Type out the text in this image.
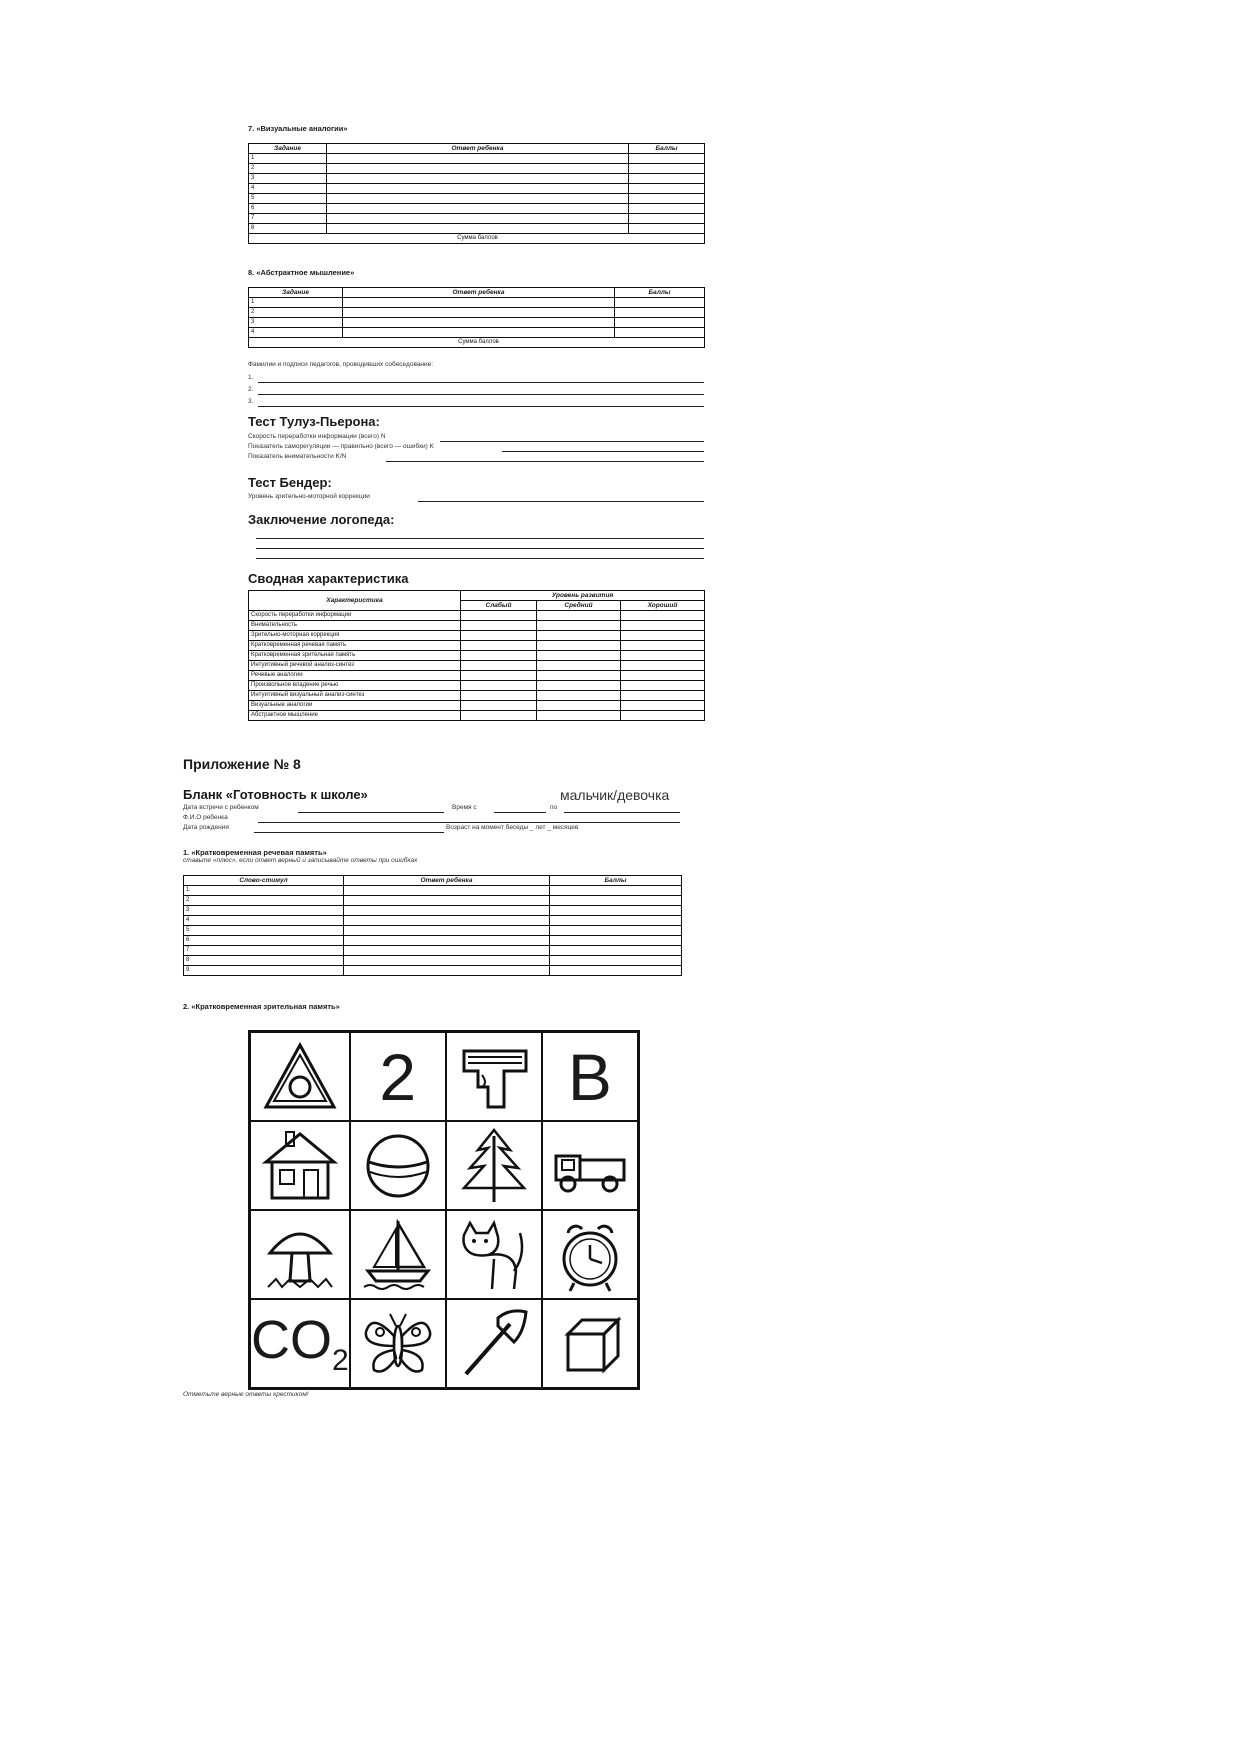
7. «Визуальные аналогии»
Задание	Ответ ребенка	Баллы
1		
2		
3		
4		
5		
6		
7		
8		
	Сумма баллов	
8. «Абстрактное мышление»
Задание	Ответ ребенка	Баллы
1		
2		
3		
4		
	Сумма баллов	
Фамилии и подписи педагогов, проводивших собеседование:
1.
2.
3.
Тест Тулуз-Пьерона:
Скорость переработки информации (всего) N
Показатель саморегуляции — правильно (всего — ошибки) K
Показатель внимательности K/N
Тест Бендер:
Уровень зрительно-моторной коррекции
Заключение логопеда:
Сводная характеристика
Характеристика	Уровень развития		
	Слабый	Средний	Хороший
Скорость переработки информации			
Внимательность			
Зрительно-моторная коррекция			
Кратковременная речевая память			
Кратковременная зрительная память			
Интуитивный речевой анализ-синтез			
Речевые аналогии			
Произвольное владение речью			
Интуитивный визуальный анализ-синтез			
Визуальные аналогии			
Абстрактное мышление			
Приложение № 8
Бланк «Готовность к школе»	мальчик/девочка
Дата встречи с ребенком	Время с	по
Ф.И.О ребенка
Дата рождения	Возраст на момент беседы _ лет _ месяцев
1. «Кратковременная речевая память»
ставьте «плюс», если ответ верный и записывайте ответы при ошибках
Слово-стимул	Ответ ребенка	Баллы
1		
2		
3		
4		
5		
6		
7		
8		
9		
2. «Кратковременная зрительная память»
2 B
$CO_2$
Отметьте верные ответы крестиком!
